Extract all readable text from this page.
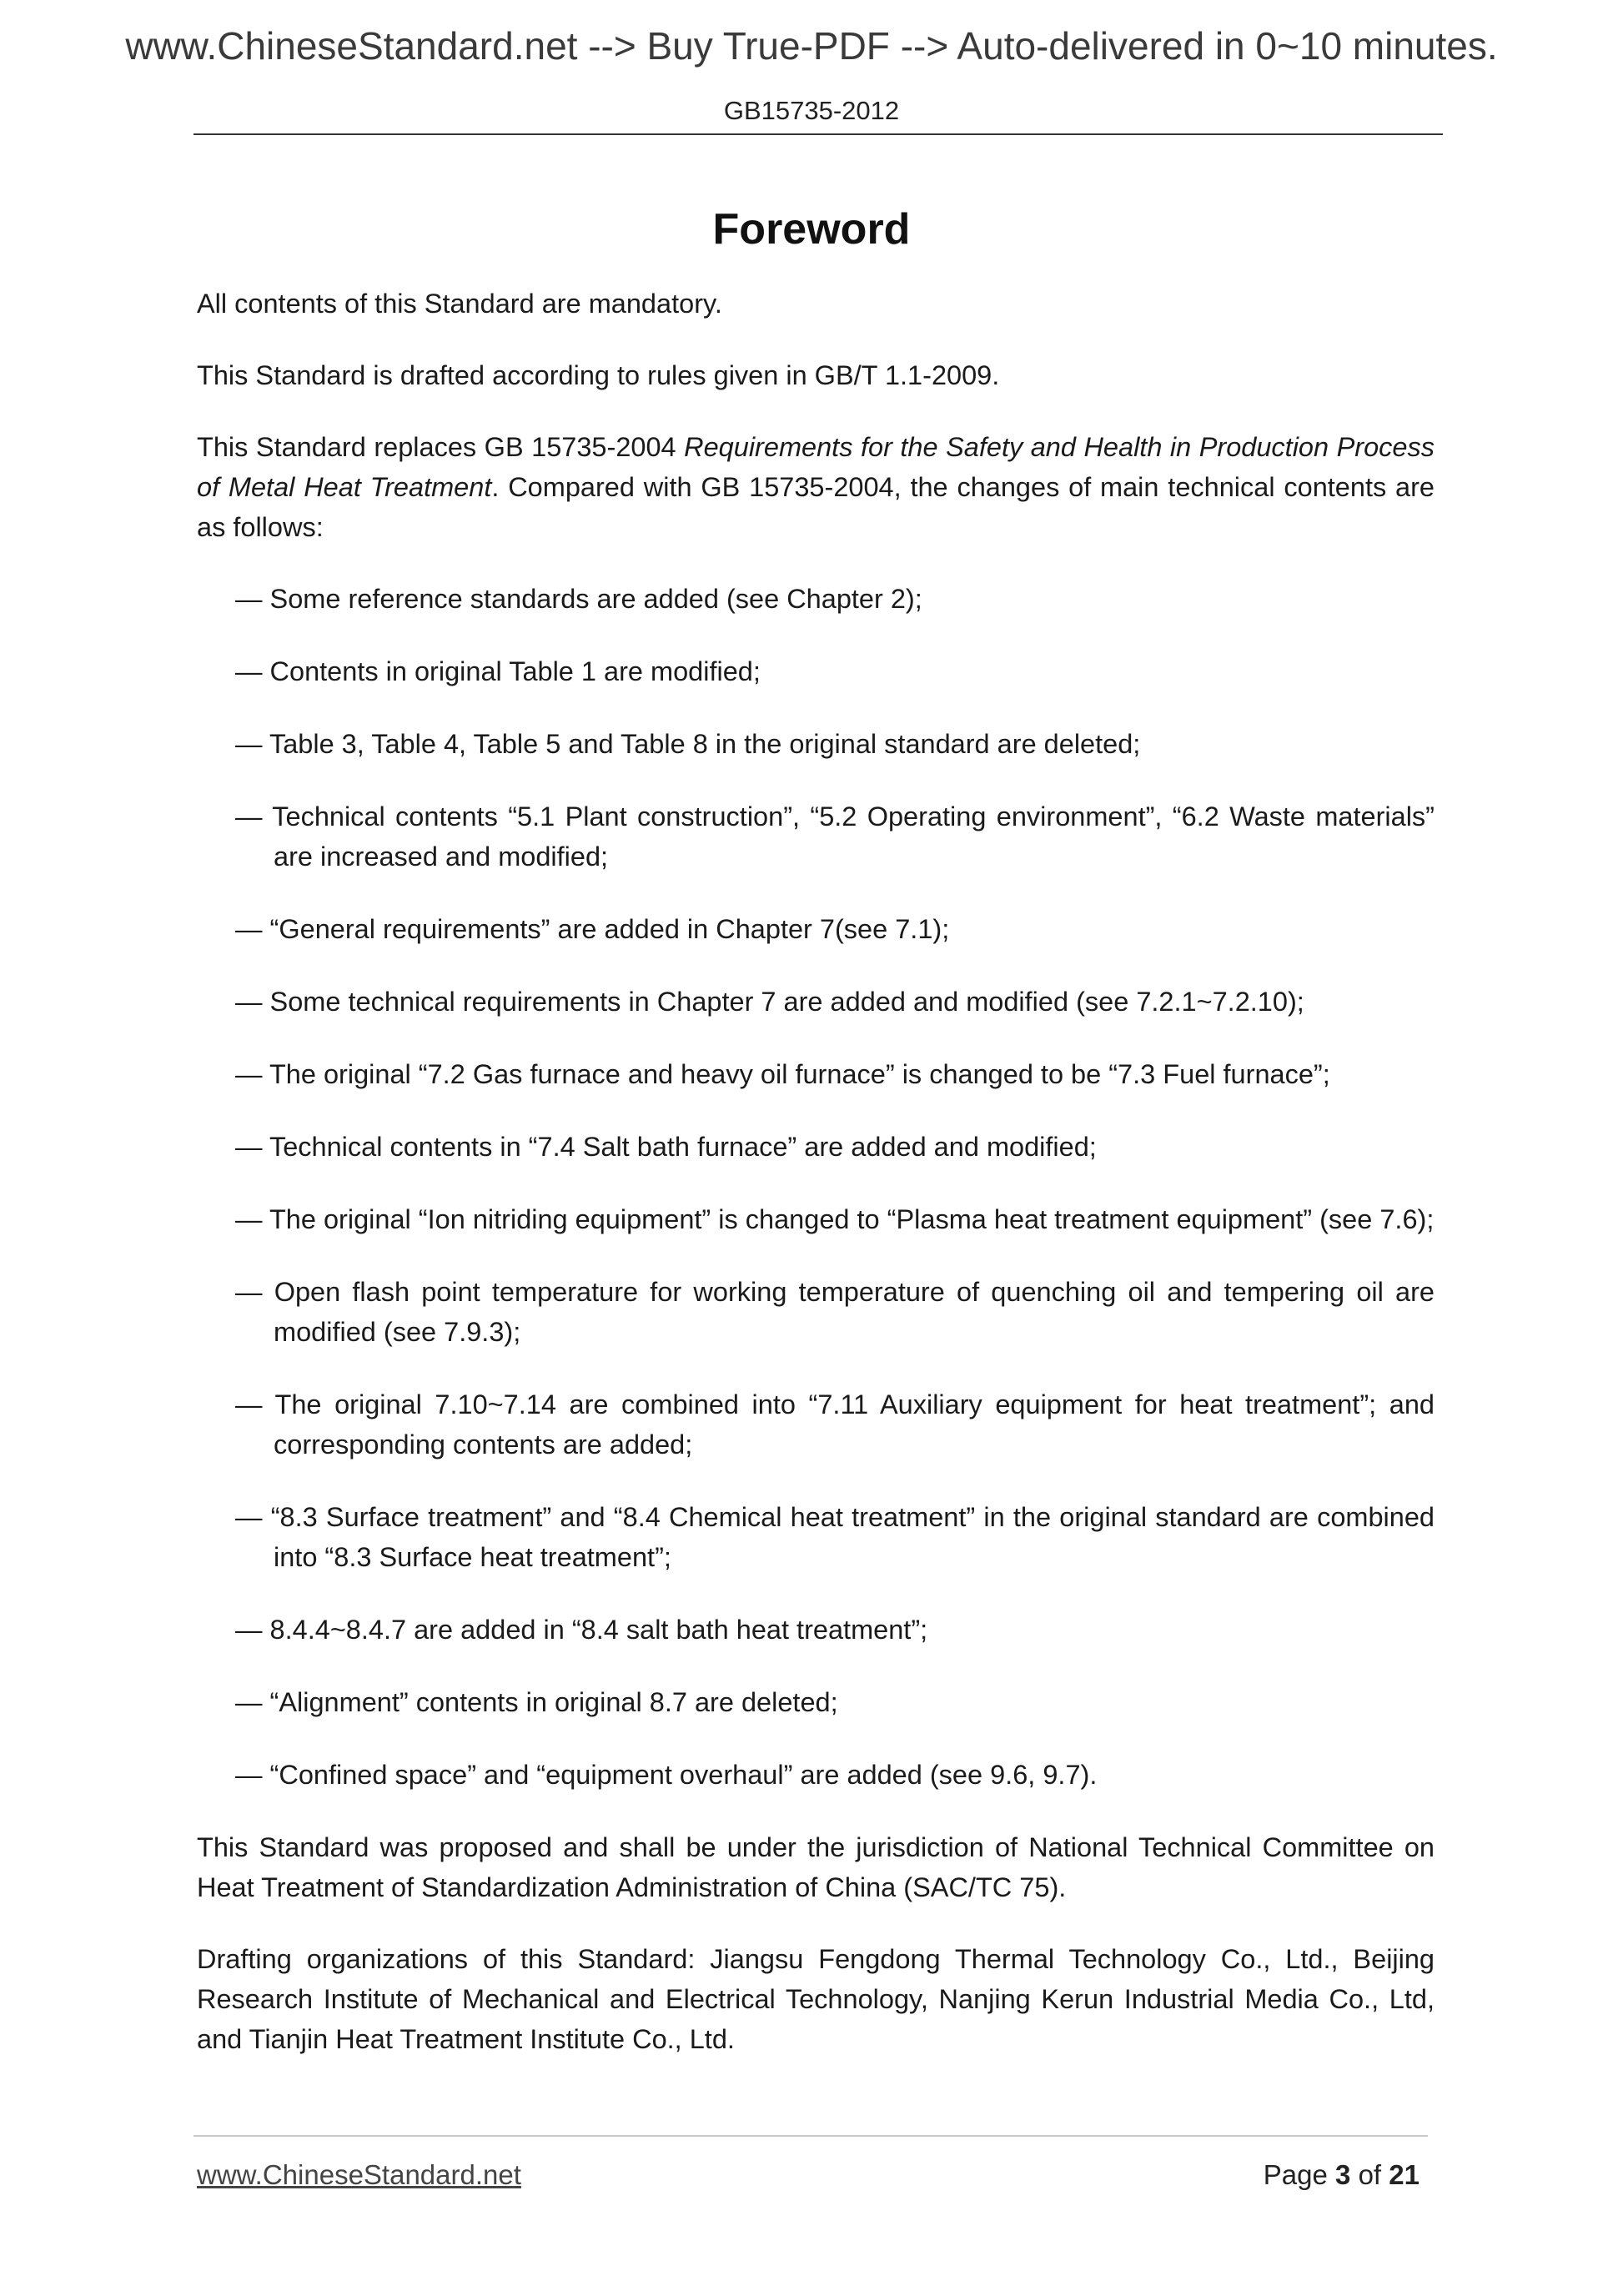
www.ChineseStandard.net --> Buy True-PDF --> Auto-delivered in 0~10 minutes.
GB15735-2012
Foreword

All contents of this Standard are mandatory.

This Standard is drafted according to rules given in GB/T 1.1-2009.

This Standard replaces GB 15735-2004 Requirements for the Safety and Health in Production Process of Metal Heat Treatment. Compared with GB 15735-2004, the changes of main technical contents are as follows:

— Some reference standards are added (see Chapter 2);
— Contents in original Table 1 are modified;
— Table 3, Table 4, Table 5 and Table 8 in the original standard are deleted;
— Technical contents “5.1 Plant construction”, “5.2 Operating environment”, “6.2 Waste materials” are increased and modified;
— “General requirements” are added in Chapter 7(see 7.1);
— Some technical requirements in Chapter 7 are added and modified (see 7.2.1~7.2.10);
— The original “7.2 Gas furnace and heavy oil furnace” is changed to be “7.3 Fuel furnace”;
— Technical contents in “7.4 Salt bath furnace” are added and modified;
— The original “Ion nitriding equipment” is changed to “Plasma heat treatment equipment” (see 7.6);
— Open flash point temperature for working temperature of quenching oil and tempering oil are modified (see 7.9.3);
— The original 7.10~7.14 are combined into “7.11 Auxiliary equipment for heat treatment”; and corresponding contents are added;
— “8.3 Surface treatment” and “8.4 Chemical heat treatment” in the original standard are combined into “8.3 Surface heat treatment”;
— 8.4.4~8.4.7 are added in “8.4 salt bath heat treatment”;
— “Alignment” contents in original 8.7 are deleted;
— “Confined space” and “equipment overhaul” are added (see 9.6, 9.7).

This Standard was proposed and shall be under the jurisdiction of National Technical Committee on Heat Treatment of Standardization Administration of China (SAC/TC 75).

Drafting organizations of this Standard: Jiangsu Fengdong Thermal Technology Co., Ltd., Beijing Research Institute of Mechanical and Electrical Technology, Nanjing Kerun Industrial Media Co., Ltd, and Tianjin Heat Treatment Institute Co., Ltd.

www.ChineseStandard.net	Page 3 of 21
